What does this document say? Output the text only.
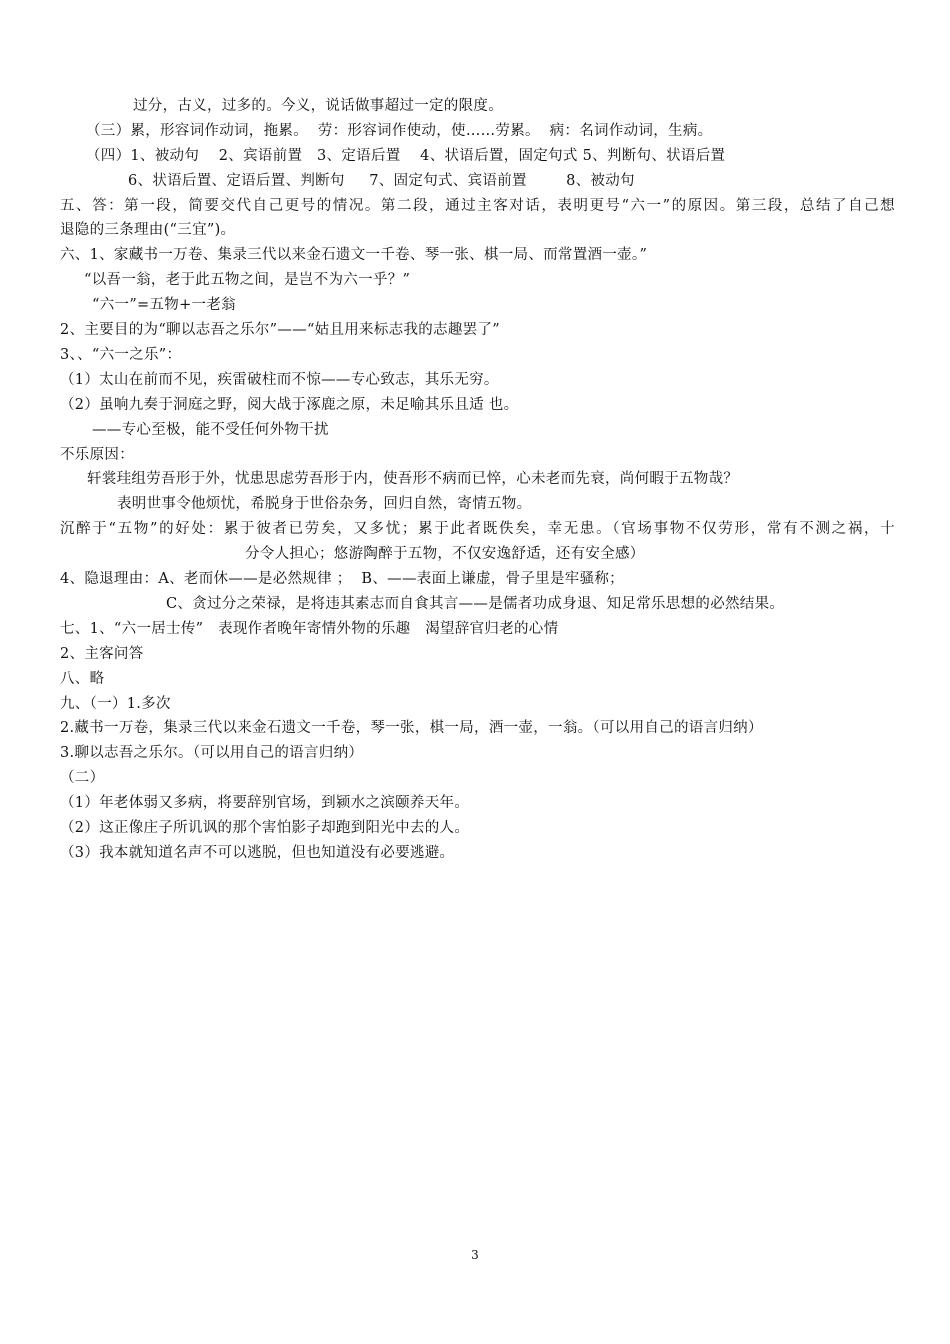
过分，古义，过多的。今义，说话做事超过一定的限度。
（三）累，形容词作动词，拖累。  劳：形容词作使动，使……劳累。  病：名词作动词，生病。
（四）1、被动句    2、宾语前置   3、定语后置    4、状语后置，固定句式 5、判断句、状语后置
6、状语后置、定语后置、判断句     7、固定句式、宾语前置        8、被动句
五、答：第一段，简要交代自己更号的情况。第二段，通过主客对话，表明更号“六一”的原因。第三段，总结了自己想
退隐的三条理由(“三宜”)。
六、1、家藏书一万卷、集录三代以来金石遗文一千卷、琴一张、棋一局、而常置酒一壶。”
“以吾一翁，老于此五物之间，是岂不为六一乎？”
“六一”=五物+一老翁
2、主要目的为“聊以志吾之乐尔”——“姑且用来标志我的志趣罢了”
3、、“六一之乐”：
（1）太山在前而不见，疾雷破柱而不惊——专心致志，其乐无穷。
（2）虽响九奏于洞庭之野，阅大战于涿鹿之原，未足喻其乐且适 也。
——专心至极，能不受任何外物干扰
不乐原因：
轩裳珪组劳吾形于外，忧患思虑劳吾形于内，使吾形不病而已悴，心未老而先衰，尚何暇于五物哉？
表明世事令他烦忧，希脱身于世俗杂务，回归自然，寄情五物。
沉醉于“五物”的好处：累于彼者已劳矣，又多忧；累于此者既佚矣，幸无患。（官场事物不仅劳形，常有不测之祸，十
分令人担心；悠游陶醉于五物，不仅安逸舒适，还有安全感）
4、隐退理由：A、老而休——是必然规律 ；  B、——表面上谦虚，骨子里是牢骚称；
C、贪过分之荣禄，是将违其素志而自食其言——是儒者功成身退、知足常乐思想的必然结果。
七、1、“六一居士传”   表现作者晚年寄情外物的乐趣   渴望辞官归老的心情
2、主客问答
八、略
九、（一）1.多次
2.藏书一万卷，集录三代以来金石遗文一千卷，琴一张，棋一局，酒一壶，一翁。（可以用自己的语言归纳）
3.聊以志吾之乐尔。（可以用自己的语言归纳）
（二）
（1）年老体弱又多病，将要辞别官场，到颍水之滨颐养天年。
（2）这正像庄子所讥讽的那个害怕影子却跑到阳光中去的人。
（3）我本就知道名声不可以逃脱，但也知道没有必要逃避。
3
